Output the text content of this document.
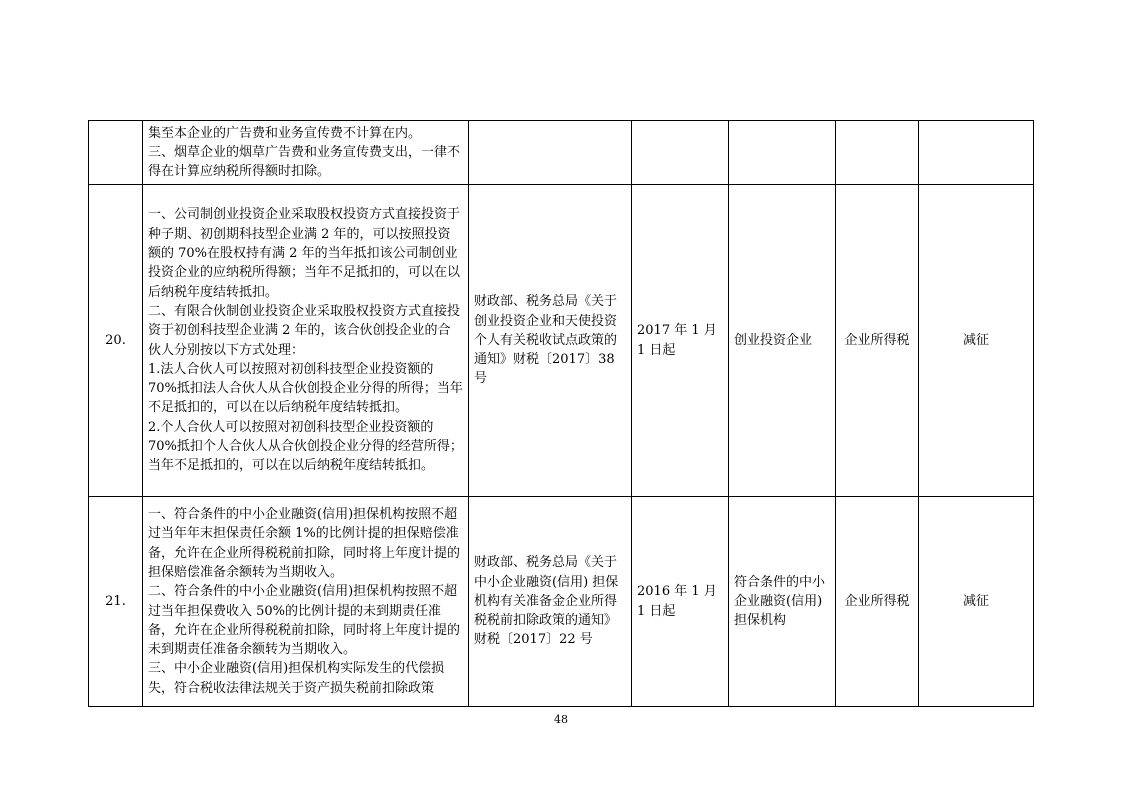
	集至本企业的广告费和业务宣传费不计算在内。
三、烟草企业的烟草广告费和业务宣传费支出，一律不得在计算应纳税所得额时扣除。					

20.	一、公司制创业投资企业采取股权投资方式直接投资于种子期、初创期科技型企业满 2 年的，可以按照投资额的 70%在股权持有满 2 年的当年抵扣该公司制创业投资企业的应纳税所得额；当年不足抵扣的，可以在以后纳税年度结转抵扣。
二、有限合伙制创业投资企业采取股权投资方式直接投资于初创科技型企业满 2 年的，该合伙创投企业的合伙人分别按以下方式处理：
1.法人合伙人可以按照对初创科技型企业投资额的 70%抵扣法人合伙人从合伙创投企业分得的所得；当年不足抵扣的，可以在以后纳税年度结转抵扣。
2.个人合伙人可以按照对初创科技型企业投资额的 70%抵扣个人合伙人从合伙创投企业分得的经营所得；当年不足抵扣的，可以在以后纳税年度结转抵扣。	财政部、税务总局《关于创业投资企业和天使投资个人有关税收试点政策的通知》财税〔2017〕38 号	2017 年 1 月 1 日起	创业投资企业	企业所得税	减征
21.	一、符合条件的中小企业融资(信用)担保机构按照不超过当年年末担保责任余额 1%的比例计提的担保赔偿准备，允许在企业所得税税前扣除，同时将上年度计提的担保赔偿准备余额转为当期收入。
二、符合条件的中小企业融资(信用)担保机构按照不超过当年担保费收入 50%的比例计提的未到期责任准备，允许在企业所得税税前扣除，同时将上年度计提的未到期责任准备余额转为当期收入。
三、中小企业融资(信用)担保机构实际发生的代偿损失，符合税收法律法规关于资产损失税前扣除政策	财政部、税务总局《关于中小企业融资(信用) 担保机构有关准备金企业所得税税前扣除政策的通知》财税〔2017〕22 号	2016 年 1 月 1 日起	符合条件的中小企业融资(信用)担保机构	企业所得税	减征
48
